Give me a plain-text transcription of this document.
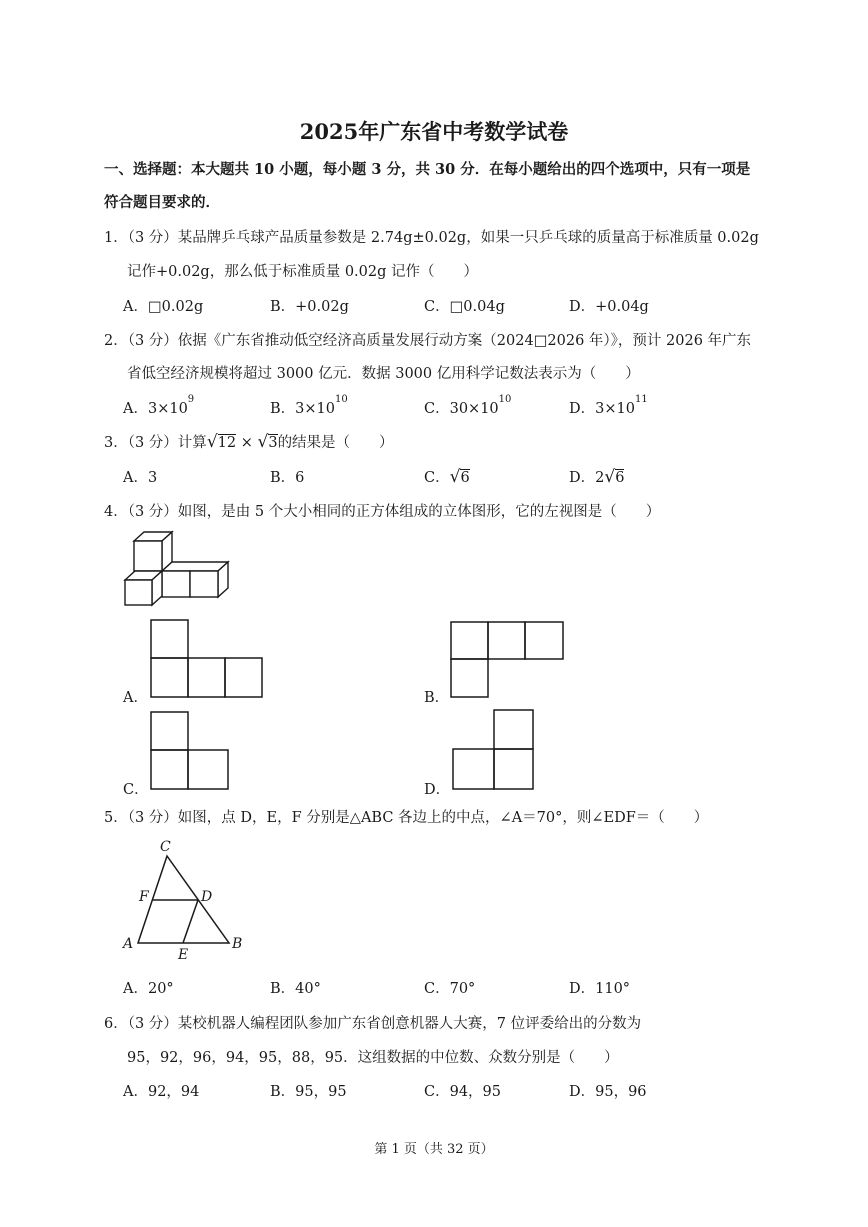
2025年广东省中考数学试卷
一、选择题：本大题共 10 小题，每小题 3 分，共 30 分．在每小题给出的四个选项中，只有一项是
符合题目要求的．
1．（3 分）某品牌乒乓球产品质量参数是 2.74g±0.02g，如果一只乒乓球的质量高于标准质量 0.02g
记作+0.02g，那么低于标准质量 0.02g 记作（　　）
A．□0.02g	B．+0.02g	C．□0.04g	D．+0.04g
2．（3 分）依据《广东省推动低空经济高质量发展行动方案（2024□2026 年）》，预计 2026 年广东
省低空经济规模将超过 3000 亿元．数据 3000 亿用科学记数法表示为（　　）
A．$3\times 10^9$
B．$3\times 10^{10}$
C．$30\times 10^{10}$
D．$3\times 10^{11}$
3．（3 分）计算√12 × √3的结果是（　　）
A．3	B．6	C．√6	D．2√6
4．（3 分）如图，是由 5 个大小相同的正方体组成的立体图形，它的左视图是（　　）
A．	B．
C．	D．
5．（3 分）如图，点 D，E，F 分别是△ABC 各边上的中点，∠A＝70°，则∠EDF＝（　　）
C
F	D
A
E
B
A．20°	B．40°	C．70°	D．110°
6．（3 分）某校机器人编程团队参加广东省创意机器人大赛，7 位评委给出的分数为
95，92，96，94，95，88，95．这组数据的中位数、众数分别是（　　）
A．92，94	B．95，95	C．94，95	D．95，96
第 1 页（共 32 页）
